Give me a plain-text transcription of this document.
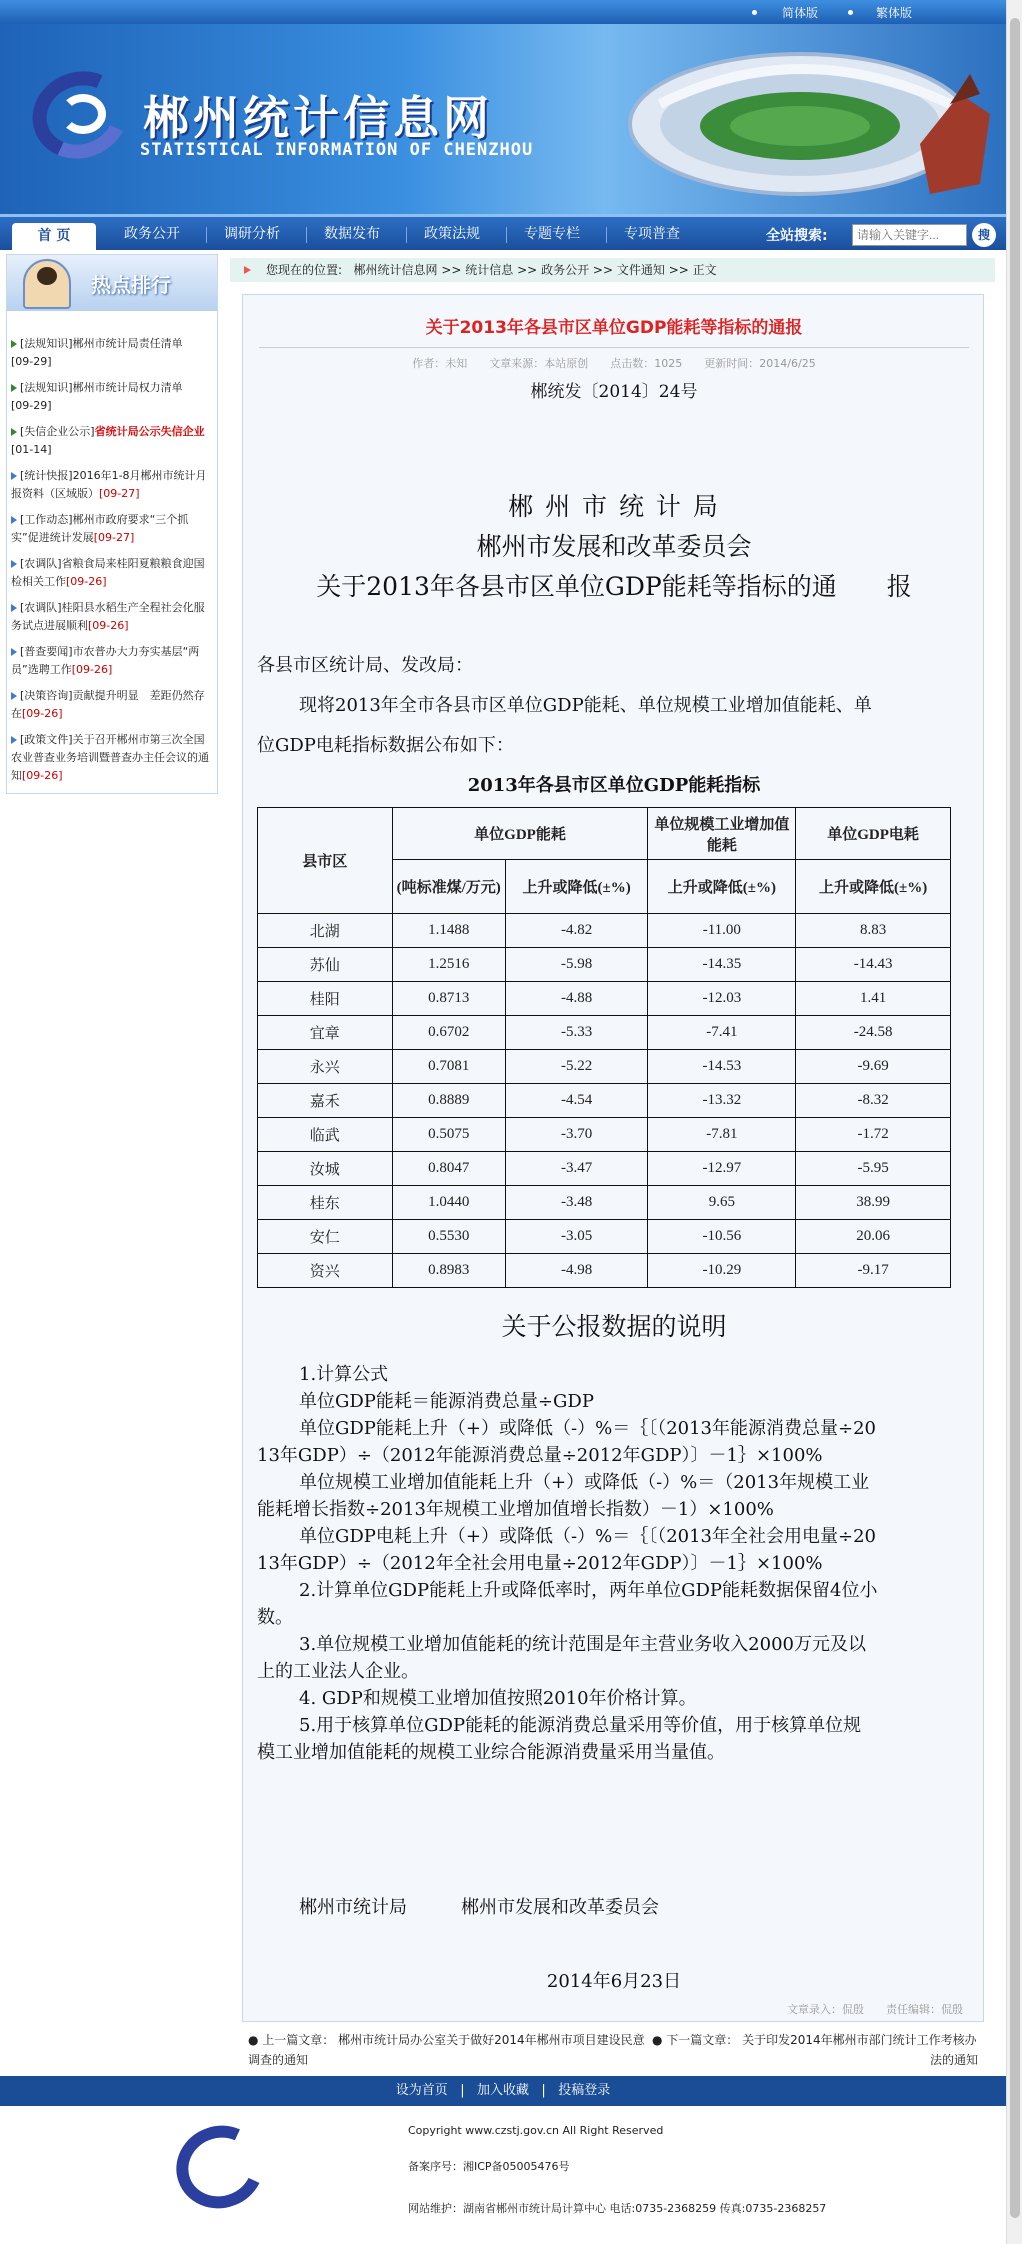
简体版	繁体版
郴州统计信息网
STATISTICAL INFORMATION OF CHENZHOU
首 页	政务公开	调研分析	数据发布	政策法规	专题专栏	专项普查	全站搜索:
请输入关键字...	搜
热点排行
[法规知识]郴州市统计局责任清单
[09-29]
[法规知识]郴州市统计局权力清单
[09-29]
[失信企业公示]省统计局公示失信企业[01-14]
[统计快报]2016年1-8月郴州市统计月报资料（区域版）[09-27]
[工作动态]郴州市政府要求“三个抓实”促进统计发展[09-27]
[农调队]省粮食局来桂阳夏粮粮食迎国检相关工作[09-26]
[农调队]桂阳县水稻生产全程社会化服务试点进展顺利[09-26]
[普查要闻]市农普办大力夯实基层“两员”选聘工作[09-26]
[决策咨询]贡献提升明显　差距仍然存在[09-26]
[政策文件]关于召开郴州市第三次全国农业普查业务培训暨普查办主任会议的通知[09-26]
您现在的位置: 郴州统计信息网 >> 统计信息 >> 政务公开 >> 文件通知 >> 正文
关于2013年各县市区单位GDP能耗等指标的通报
作者：未知　　文章来源：本站原创　　点击数：1025　　更新时间：2014/6/25
郴统发〔2014〕24号
郴 州 市 统 计 局
郴州市发展和改革委员会
关于2013年各县市区单位GDP能耗等指标的通　　报
各县市区统计局、发改局：
现将2013年全市各县市区单位GDP能耗、单位规模工业增加值能耗、单
位GDP电耗指标数据公布如下：
2013年各县市区单位GDP能耗指标
县市区	单位GDP能耗		单位规模工业增加值能耗	单位GDP电耗
	(吨标准煤/万元)	上升或降低(±%)	上升或降低(±%)	上升或降低(±%)
北湖	1.1488	-4.82	-11.00	8.83
苏仙	1.2516	-5.98	-14.35	-14.43
桂阳	0.8713	-4.88	-12.03	1.41
宜章	0.6702	-5.33	-7.41	-24.58
永兴	0.7081	-5.22	-14.53	-9.69
嘉禾	0.8889	-4.54	-13.32	-8.32
临武	0.5075	-3.70	-7.81	-1.72
汝城	0.8047	-3.47	-12.97	-5.95
桂东	1.0440	-3.48	9.65	38.99
安仁	0.5530	-3.05	-10.56	20.06
资兴	0.8983	-4.98	-10.29	-9.17
关于公报数据的说明
1.计算公式
单位GDP能耗＝能源消费总量÷GDP
单位GDP能耗上升（+）或降低（-）%＝｛〔（2013年能源消费总量÷20
13年GDP）÷（2012年能源消费总量÷2012年GDP）〕－1｝×100%
单位规模工业增加值能耗上升（+）或降低（-）%＝（2013年规模工业
能耗增长指数÷2013年规模工业增加值增长指数）－1）×100%
单位GDP电耗上升（+）或降低（-）%＝｛〔（2013年全社会用电量÷20
13年GDP）÷（2012年全社会用电量÷2012年GDP）〕－1｝×100%
2.计算单位GDP能耗上升或降低率时，两年单位GDP能耗数据保留4位小
数。
3.单位规模工业增加值能耗的统计范围是年主营业务收入2000万元及以
上的工业法人企业。
4. GDP和规模工业增加值按照2010年价格计算。
5.用于核算单位GDP能耗的能源消费总量采用等价值，用于核算单位规
模工业增加值能耗的规模工业综合能源消费量采用当量值。
郴州市统计局　　　郴州市发展和改革委员会
2014年6月23日
文章录入：侃殷　　责任编辑：侃殷
● 上一篇文章： 郴州市统计局办公室关于做好2014年郴州市项目建设民意
调查的通知
● 下一篇文章： 关于印发2014年郴州市部门统计工作考核办
法的通知
设为首页   |   加入收藏   |   投稿登录
Copyright www.czstj.gov.cn All Right Reserved
备案序号：湘ICP备05005476号
网站维护：湖南省郴州市统计局计算中心 电话:0735-2368259 传真:0735-2368257
